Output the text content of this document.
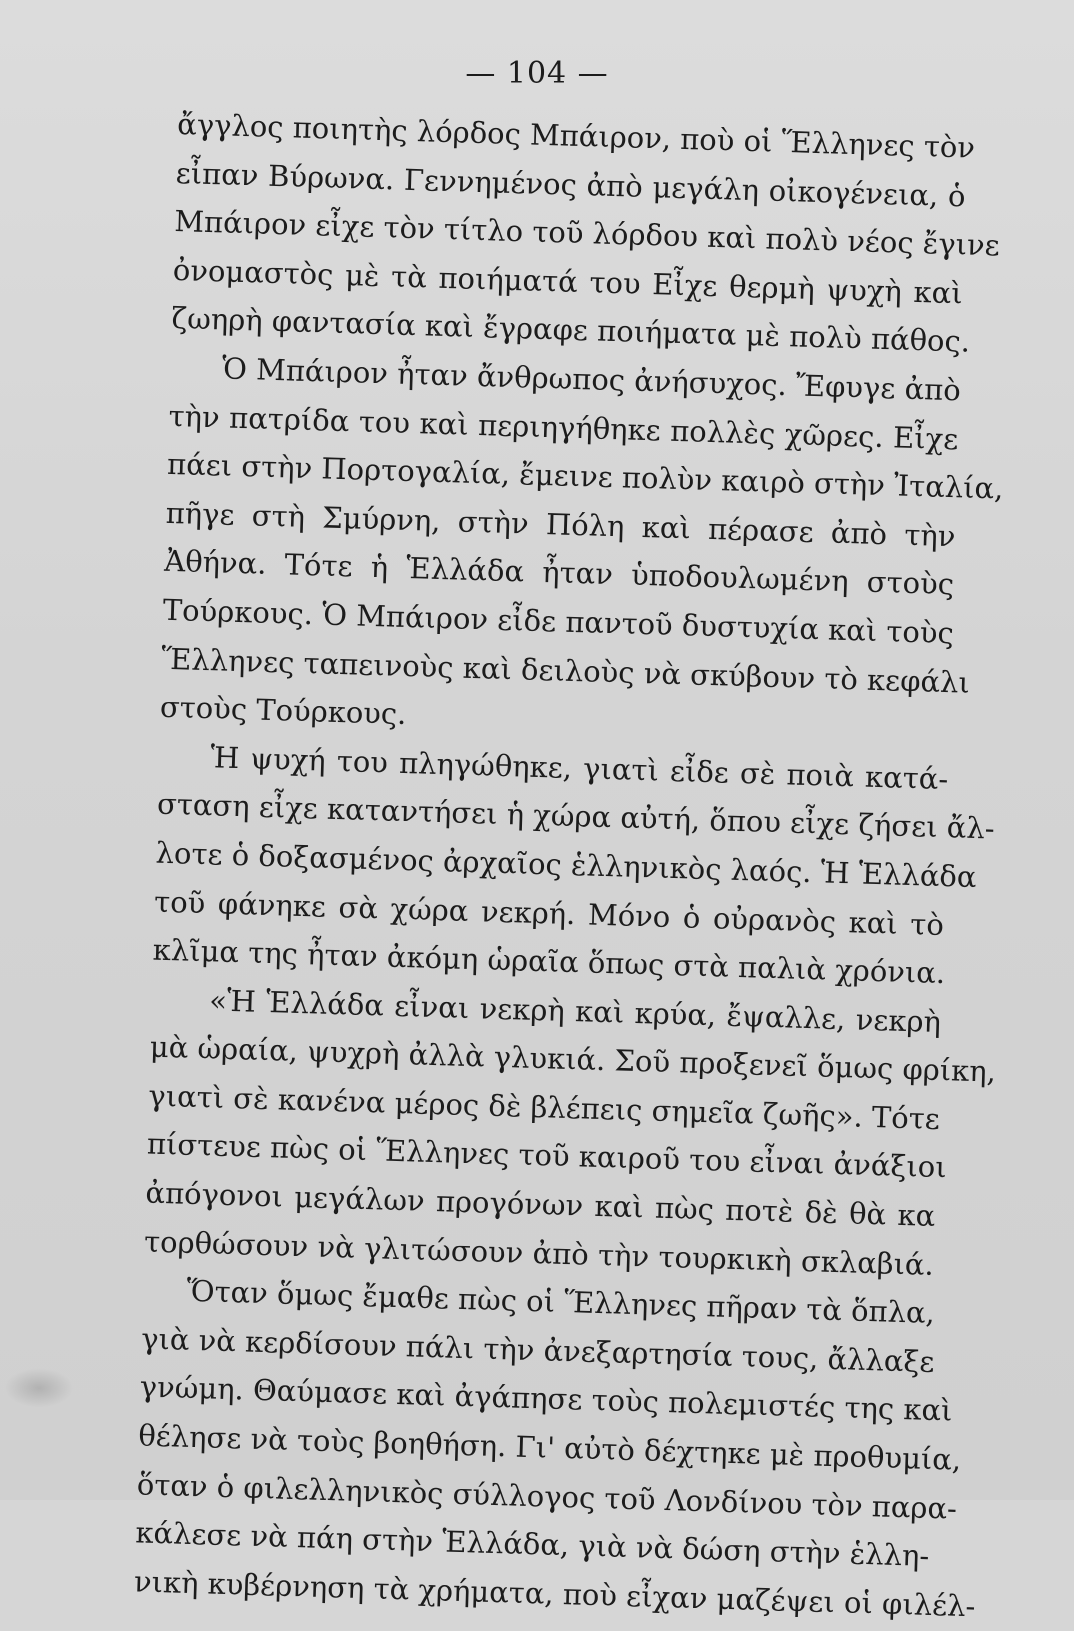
— 104 —
ἄγγλος ποιητὴς λόρδος Μπάιρον, ποὺ οἱ Ἕλληνες τὸν
εἶπαν Βύρωνα. Γεννημένος ἀπὸ μεγάλη οἰκογένεια, ὁ
Μπάιρον εἶχε τὸν τίτλο τοῦ λόρδου καὶ πολὺ νέος ἔγινε
ὀνομαστὸς μὲ τὰ ποιήματά του Εἶχε θερμὴ ψυχὴ καὶ
ζωηρὴ φαντασία καὶ ἔγραφε ποιήματα μὲ πολὺ πάθος.
Ὁ Μπάιρον ἦταν ἄνθρωπος ἀνήσυχος. Ἔφυγε ἀπὸ
τὴν πατρίδα του καὶ περιηγήθηκε πολλὲς χῶρες. Εἶχε
πάει στὴν Πορτογαλία, ἔμεινε πολὺν καιρὸ στὴν Ἰταλία,
πῆγε στὴ Σμύρνη, στὴν Πόλη καὶ πέρασε ἀπὸ τὴν
Ἀθήνα. Τότε ἡ Ἑλλάδα ἦταν ὑποδουλωμένη στοὺς
Τούρκους. Ὁ Μπάιρον εἶδε παντοῦ δυστυχία καὶ τοὺς
Ἕλληνες ταπεινοὺς καὶ δειλοὺς νὰ σκύβουν τὸ κεφάλι
στοὺς Τούρκους.
Ἡ ψυχή του πληγώθηκε, γιατὶ εἶδε σὲ ποιὰ κατά-
σταση εἶχε καταντήσει ἡ χώρα αὐτή, ὅπου εἶχε ζήσει ἄλ-
λοτε ὁ δοξασμένος ἀρχαῖος ἑλληνικὸς λαός. Ἡ Ἑλλάδα
τοῦ φάνηκε σὰ χώρα νεκρή. Μόνο ὁ οὐρανὸς καὶ τὸ
κλῖμα της ἦταν ἀκόμη ὡραῖα ὅπως στὰ παλιὰ χρόνια.
«Ἡ Ἑλλάδα εἶναι νεκρὴ καὶ κρύα, ἔψαλλε, νεκρὴ
μὰ ὡραία, ψυχρὴ ἀλλὰ γλυκιά. Σοῦ προξενεῖ ὅμως φρίκη,
γιατὶ σὲ κανένα μέρος δὲ βλέπεις σημεῖα ζωῆς». Τότε
πίστευε πὼς οἱ Ἕλληνες τοῦ καιροῦ του εἶναι ἀνάξιοι
ἀπόγονοι μεγάλων προγόνων καὶ πὼς ποτὲ δὲ θὰ κα
τορθώσουν νὰ γλιτώσουν ἀπὸ τὴν τουρκικὴ σκλαβιά.
Ὅταν ὅμως ἔμαθε πὼς οἱ Ἕλληνες πῆραν τὰ ὅπλα,
γιὰ νὰ κερδίσουν πάλι τὴν ἀνεξαρτησία τους, ἄλλαξε
γνώμη. Θαύμασε καὶ ἀγάπησε τοὺς πολεμιστές της καὶ
θέλησε νὰ τοὺς βοηθήση. Γι' αὐτὸ δέχτηκε μὲ προθυμία,
ὅταν ὁ φιλελληνικὸς σύλλογος τοῦ Λονδίνου τὸν παρα-
κάλεσε νὰ πάη στὴν Ἑλλάδα, γιὰ νὰ δώση στὴν ἑλλη-
νικὴ κυβέρνηση τὰ χρήματα, ποὺ εἶχαν μαζέψει οἱ φιλέλ-
